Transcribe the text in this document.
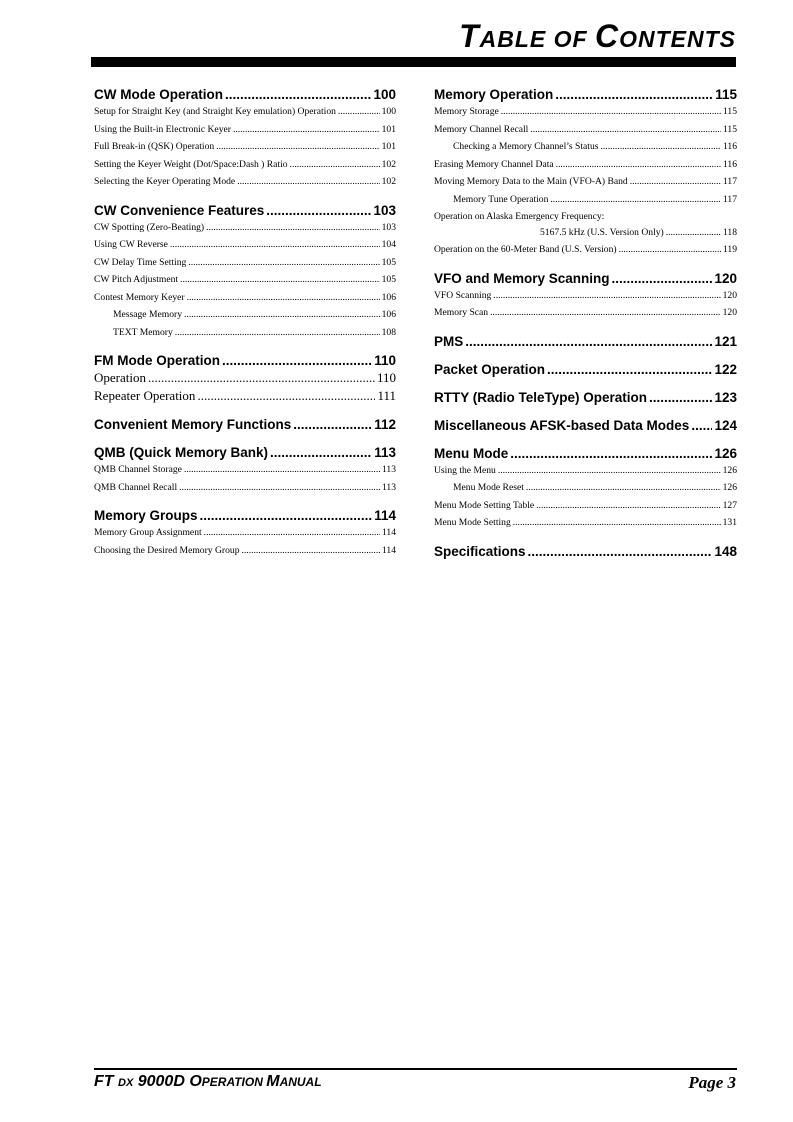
TABLE OF CONTENTS
CW Mode Operation .....	100
Setup for Straight Key (and Straight Key emulation) Operation .....	100
Using the Built-in Electronic Keyer .....	101
Full Break-in (QSK) Operation .....	101
Setting the Keyer Weight (Dot/Space:Dash ) Ratio .....	102
Selecting the Keyer Operating Mode .....	102
CW Convenience Features .....	103
CW Spotting (Zero-Beating) .....	103
Using CW Reverse .....	104
CW Delay Time Setting .....	105
CW Pitch Adjustment .....	105
Contest Memory Keyer .....	106
Message Memory .....	106
TEXT Memory .....	108
FM Mode Operation .....	110
Operation .....	110
Repeater Operation .....	111
Convenient Memory Functions .....	112
QMB (Quick Memory Bank) .....	113
QMB Channel Storage .....	113
QMB Channel Recall .....	113
Memory Groups .....	114
Memory Group Assignment .....	114
Choosing the Desired Memory Group .....	114
Memory Operation .....	115
Memory Storage .....	115
Memory Channel Recall .....	115
Checking a Memory Channel’s Status .....	116
Erasing Memory Channel Data .....	116
Moving Memory Data to the Main (VFO-A) Band .....	117
Memory Tune Operation .....	117
Operation on Alaska Emergency Frequency:
5167.5 kHz (U.S. Version Only) .....	118
Operation on the 60-Meter Band (U.S. Version) .....	119
VFO and Memory Scanning .....	120
VFO Scanning .....	120
Memory Scan .....	120
PMS .....	121
Packet Operation .....	122
RTTY (Radio TeleType) Operation .....	123
Miscellaneous AFSK-based Data Modes ..... 124
Menu Mode .....	126
Using the Menu .....	126
Menu Mode Reset .....	126
Menu Mode Setting Table .....	127
Menu Mode Setting .....	131
Specifications .....	148
FT DX 9000D OPERATION MANUAL	Page 3
